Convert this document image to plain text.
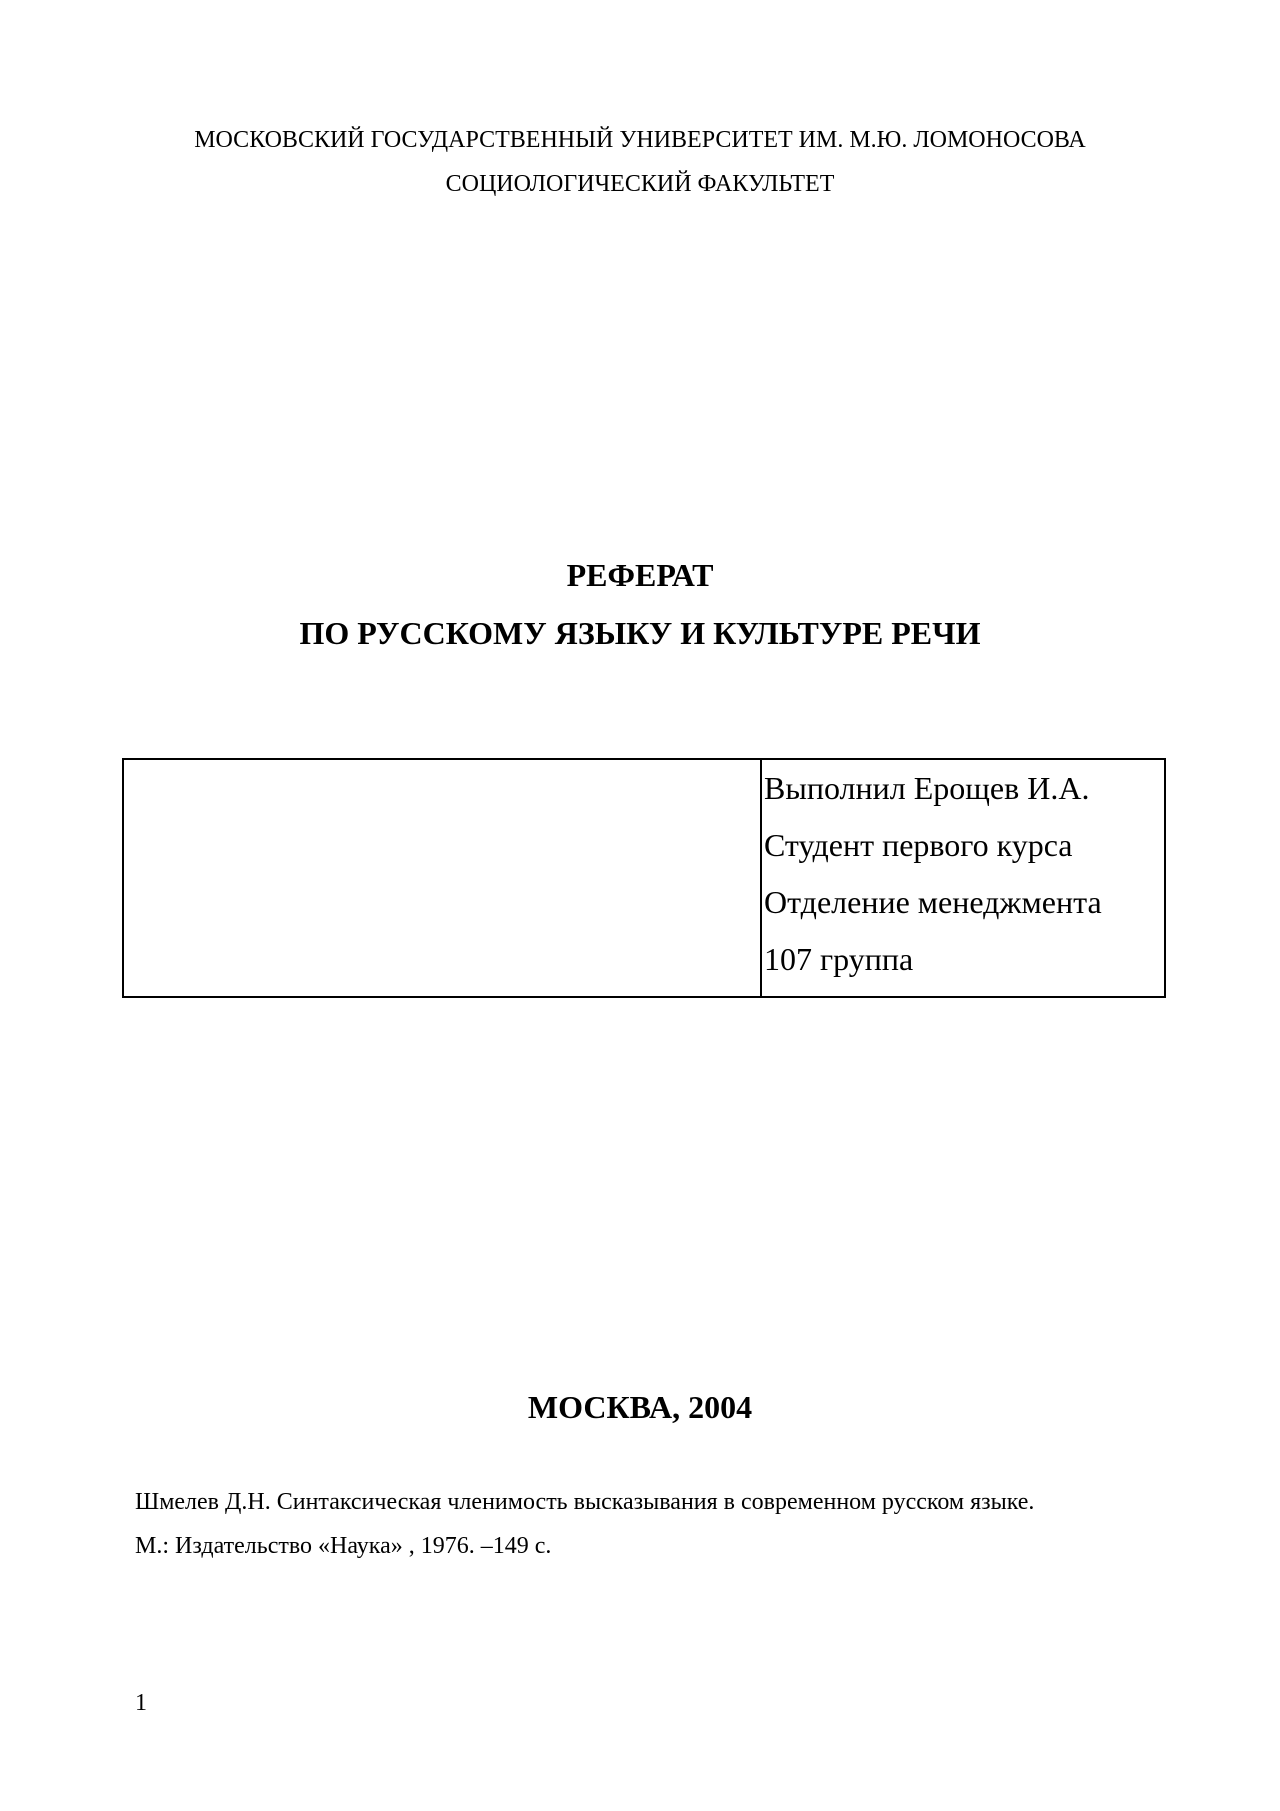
МОСКОВСКИЙ ГОСУДАРСТВЕННЫЙ УНИВЕРСИТЕТ ИМ. М.Ю. ЛОМОНОСОВА
СОЦИОЛОГИЧЕСКИЙ ФАКУЛЬТЕТ
РЕФЕРАТ
ПО РУССКОМУ ЯЗЫКУ И КУЛЬТУРЕ РЕЧИ
Выполнил Ерощев И.А.
Студент первого курса
Отделение менеджмента
107 группа
МОСКВА, 2004
Шмелев Д.Н. Синтаксическая членимость высказывания в современном русском языке.
М.: Издательство «Наука» , 1976. –149 с.
1
